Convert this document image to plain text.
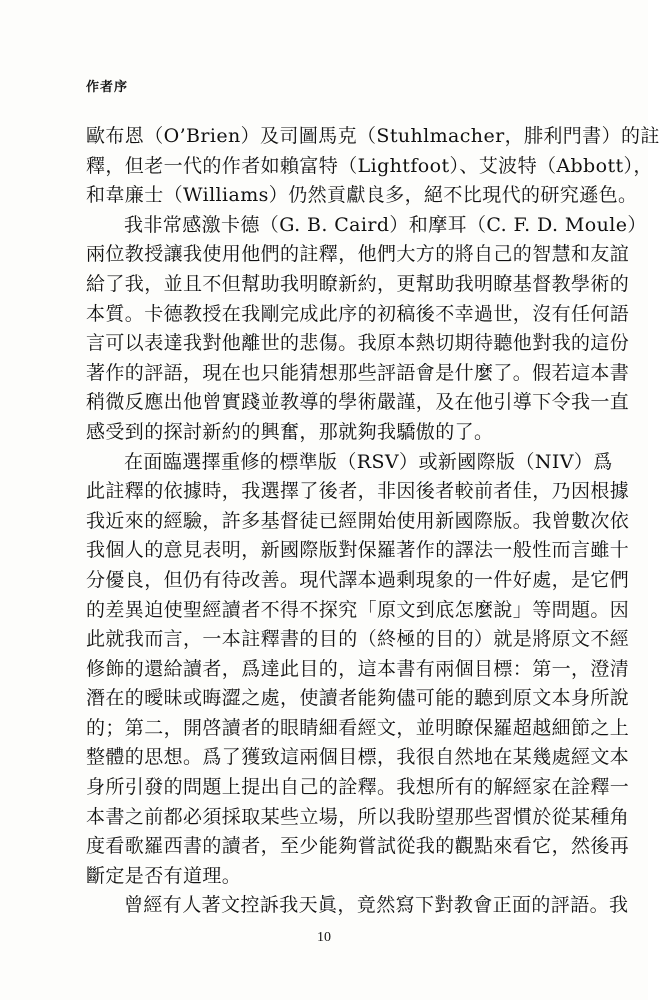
作者序
歐布恩（O’Brien）及司圖馬克（Stuhlmacher，腓利門書）的註
釋，但老一代的作者如賴富特（Lightfoot）、艾波特（Abbott），
和韋廉士（Williams）仍然貢獻良多，絕不比現代的研究遜色。
我非常感激卡德（G. B. Caird）和摩耳（C. F. D. Moule）
兩位教授讓我使用他們的註釋，他們大方的將自己的智慧和友誼
給了我，並且不但幫助我明瞭新約，更幫助我明瞭基督教學術的
本質。卡德教授在我剛完成此序的初稿後不幸過世，沒有任何語
言可以表達我對他離世的悲傷。我原本熱切期待聽他對我的這份
著作的評語，現在也只能猜想那些評語會是什麼了。假若這本書
稍微反應出他曾實踐並教導的學術嚴謹，及在他引導下令我一直
感受到的探討新約的興奮，那就夠我驕傲的了。
在面臨選擇重修的標準版（RSV）或新國際版（NIV）爲
此註釋的依據時，我選擇了後者，非因後者較前者佳，乃因根據
我近來的經驗，許多基督徒已經開始使用新國際版。我曾數次依
我個人的意見表明，新國際版對保羅著作的譯法一般性而言雖十
分優良，但仍有待改善。現代譯本過剩現象的一件好處，是它們
的差異迫使聖經讀者不得不探究「原文到底怎麼說」等問題。因
此就我而言，一本註釋書的目的（終極的目的）就是將原文不經
修飾的還給讀者，爲達此目的，這本書有兩個目標：第一，澄清
潛在的曖昧或晦澀之處，使讀者能夠儘可能的聽到原文本身所說
的；第二，開啓讀者的眼睛細看經文，並明瞭保羅超越細節之上
整體的思想。爲了獲致這兩個目標，我很自然地在某幾處經文本
身所引發的問題上提出自己的詮釋。我想所有的解經家在詮釋一
本書之前都必須採取某些立場，所以我盼望那些習慣於從某種角
度看歌羅西書的讀者，至少能夠嘗試從我的觀點來看它，然後再
斷定是否有道理。
曾經有人著文控訴我天眞，竟然寫下對教會正面的評語。我
10
